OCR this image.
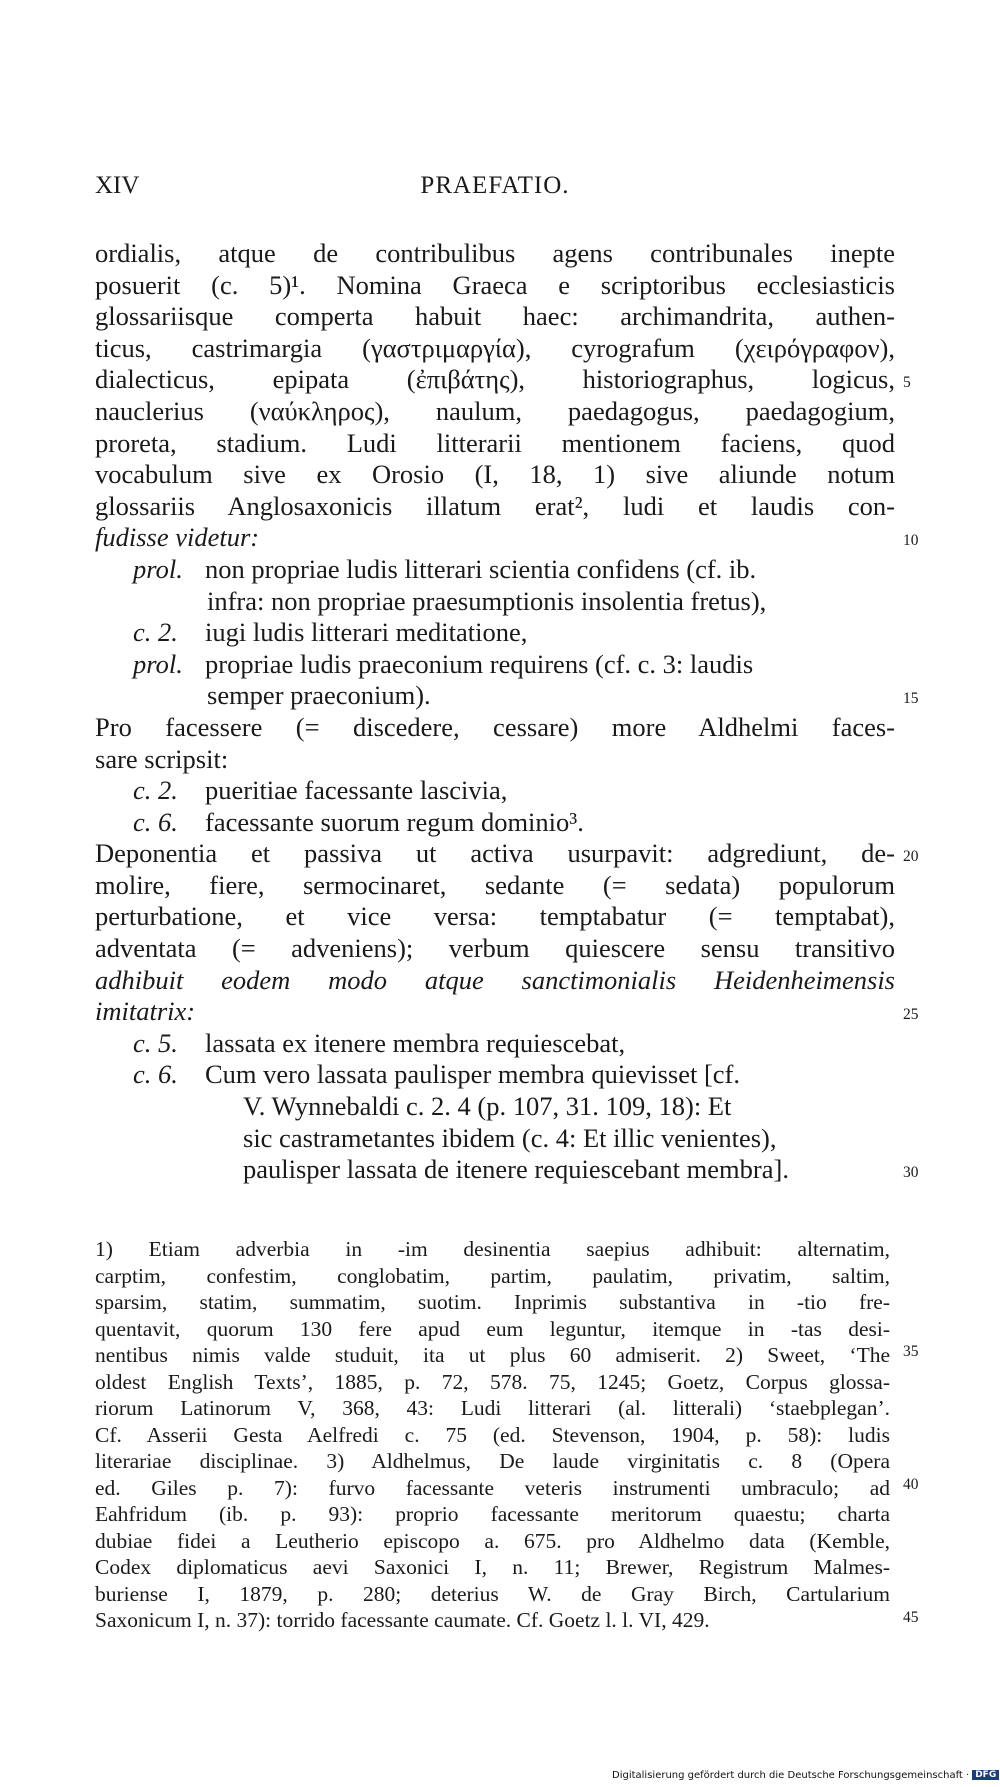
XIV	PRAEFATIO.
ordialis, atque de contribulibus agens contribunales inepte
posuerit (c. 5)¹. Nomina Graeca e scriptoribus ecclesiasticis
glossariisque comperta habuit haec: archimandrita, authen-
ticus, castrimargia (γαστριμαργία), cyrografum (χειρόγραφον),
dialecticus, epipata (ἐπιβάτης), historiographus, logicus,
nauclerius (ναύκληρος), naulum, paedagogus, paedagogium,
proreta, stadium. Ludi litterarii mentionem faciens, quod
vocabulum sive ex Orosio (I, 18, 1) sive aliunde notum
glossariis Anglosaxonicis illatum erat², ludi et laudis con-
fudisse videtur:
prol. non propriae ludis litterari scientia confidens (cf. ib.
infra: non propriae praesumptionis insolentia fretus),
c. 2. iugi ludis litterari meditatione,
prol. propriae ludis praeconium requirens (cf. c. 3: laudis
semper praeconium).
Pro facessere (= discedere, cessare) more Aldhelmi faces-
sare scripsit:
c. 2. pueritiae facessante lascivia,
c. 6. facessante suorum regum dominio³.
Deponentia et passiva ut activa usurpavit: adgrediunt, de-
molire, fiere, sermocinaret, sedante (= sedata) populorum
perturbatione, et vice versa: temptabatur (= temptabat),
adventata (= adveniens); verbum quiescere sensu transitivo
adhibuit eodem modo atque sanctimonialis Heidenheimensis
imitatrix:
c. 5. lassata ex itenere membra requiescebat,
c. 6. Cum vero lassata paulisper membra quievisset [cf.
V. Wynnebaldi c. 2. 4 (p. 107, 31. 109, 18): Et
sic castrametantes ibidem (c. 4: Et illic venientes),
paulisper lassata de itenere requiescebant membra].
5
10
15
20
25
30
35
40
45
1) Etiam adverbia in -im desinentia saepius adhibuit: alternatim,
carptim, confestim, conglobatim, partim, paulatim, privatim, saltim,
sparsim, statim, summatim, suotim. Inprimis substantiva in -tio fre-
quentavit, quorum 130 fere apud eum leguntur, itemque in -tas desi-
nentibus nimis valde studuit, ita ut plus 60 admiserit. 2) Sweet, ‘The
oldest English Texts’, 1885, p. 72, 578. 75, 1245; Goetz, Corpus glossa-
riorum Latinorum V, 368, 43: Ludi litterari (al. litterali) ‘staebplegan’.
Cf. Asserii Gesta Aelfredi c. 75 (ed. Stevenson, 1904, p. 58): ludis
literariae disciplinae. 3) Aldhelmus, De laude virginitatis c. 8 (Opera
ed. Giles p. 7): furvo facessante veteris instrumenti umbraculo; ad
Eahfridum (ib. p. 93): proprio facessante meritorum quaestu; charta
dubiae fidei a Leutherio episcopo a. 675. pro Aldhelmo data (Kemble,
Codex diplomaticus aevi Saxonici I, n. 11; Brewer, Registrum Malmes-
buriense I, 1879, p. 280; deterius W. de Gray Birch, Cartularium
Saxonicum I, n. 37): torrido facessante caumate. Cf. Goetz l. l. VI, 429.
Digitalisierung gefördert durch die Deutsche Forschungsgemeinschaft · DFG
